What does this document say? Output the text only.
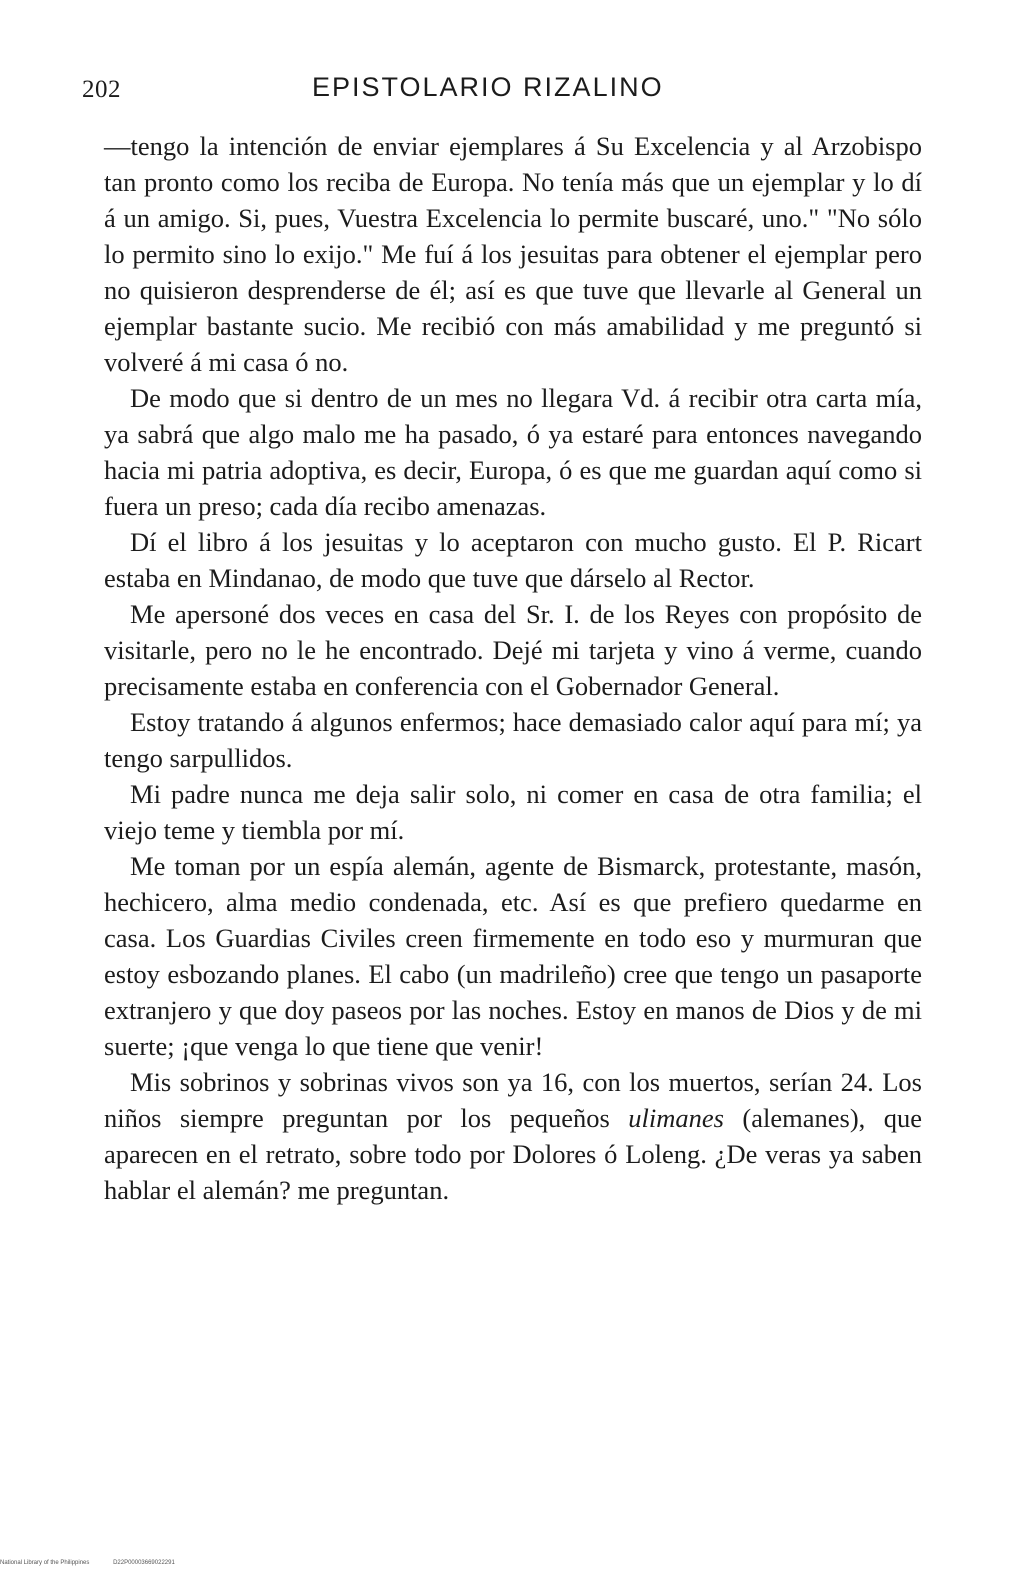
202	EPISTOLARIO RIZALINO

—tengo la intención de enviar ejemplares á Su Excelencia y al Arzobispo tan pronto como los reciba de Europa. No tenía más que un ejemplar y lo dí á un amigo. Si, pues, Vuestra Excelencia lo permite buscaré, uno." "No sólo lo permito sino lo exijo." Me fuí á los jesuitas para obtener el ejemplar pero no quisieron desprenderse de él; así es que tuve que llevarle al General un ejemplar bastante sucio. Me recibió con más amabilidad y me preguntó si volveré á mi casa ó no.

De modo que si dentro de un mes no llegara Vd. á recibir otra carta mía, ya sabrá que algo malo me ha pasado, ó ya estaré para entonces navegando hacia mi patria adoptiva, es decir, Europa, ó es que me guardan aquí como si fuera un preso; cada día recibo amenazas.

Dí el libro á los jesuitas y lo aceptaron con mucho gusto. El P. Ricart estaba en Mindanao, de modo que tuve que dárselo al Rector.

Me apersoné dos veces en casa del Sr. I. de los Reyes con propósito de visitarle, pero no le he encontrado. Dejé mi tarjeta y vino á verme, cuando precisamente estaba en conferencia con el Gobernador General.

Estoy tratando á algunos enfermos; hace demasiado calor aquí para mí; ya tengo sarpullidos.

Mi padre nunca me deja salir solo, ni comer en casa de otra familia; el viejo teme y tiembla por mí.

Me toman por un espía alemán, agente de Bismarck, protestante, masón, hechicero, alma medio condenada, etc. Así es que prefiero quedarme en casa. Los Guardias Civiles creen firmemente en todo eso y murmuran que estoy esbozando planes. El cabo (un madrileño) cree que tengo un pasaporte extranjero y que doy paseos por las noches. Estoy en manos de Dios y de mi suerte; ¡que venga lo que tiene que venir!

Mis sobrinos y sobrinas vivos son ya 16, con los muertos, serían 24. Los niños siempre preguntan por los pequeños ulimanes (alemanes), que aparecen en el retrato, sobre todo por Dolores ó Loleng. ¿De veras ya saben hablar el alemán? me preguntan.

National Library of the Philippines	D22P00003669022291
